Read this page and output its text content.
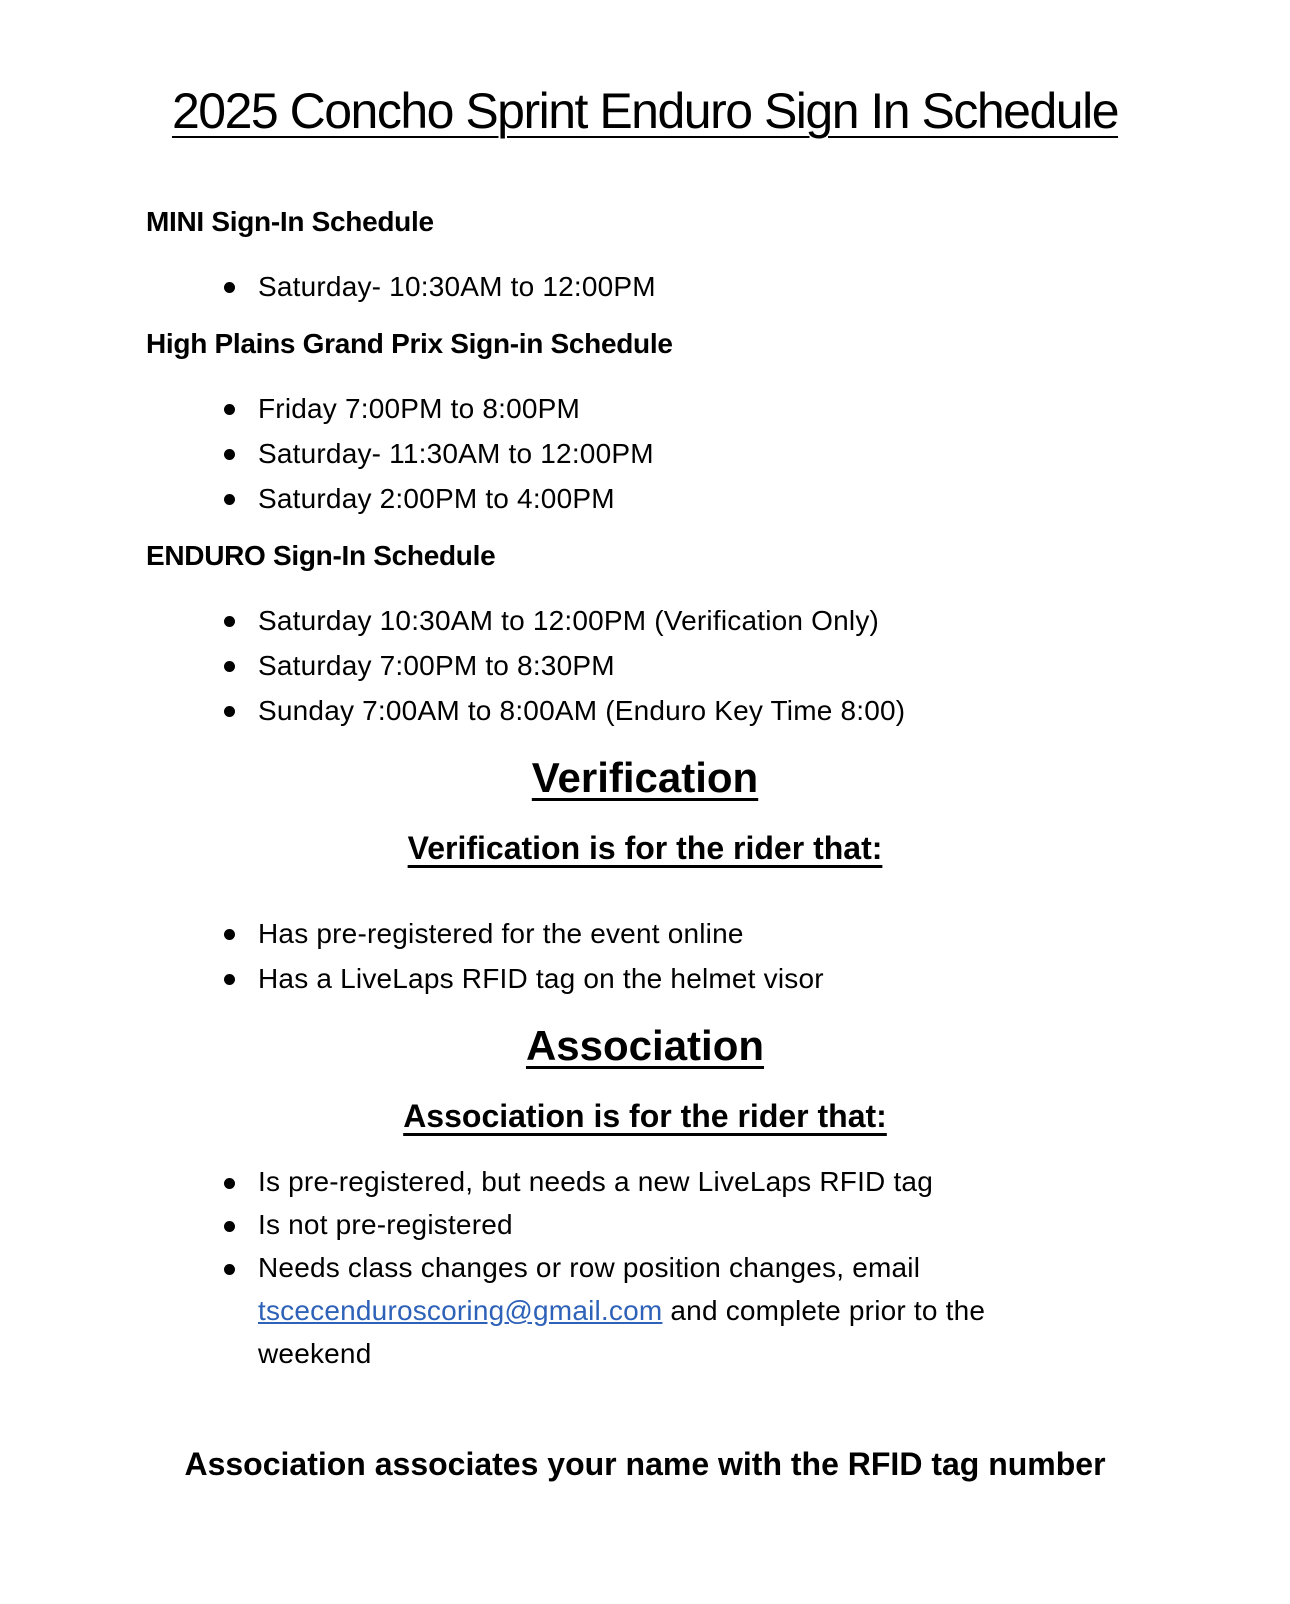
2025 Concho Sprint Enduro Sign In Schedule
MINI Sign-In Schedule
Saturday- 10:30AM to 12:00PM
High Plains Grand Prix Sign-in Schedule
Friday 7:00PM to 8:00PM
Saturday- 11:30AM to 12:00PM
Saturday 2:00PM to 4:00PM
ENDURO Sign-In Schedule
Saturday 10:30AM to 12:00PM (Verification Only)
Saturday 7:00PM to 8:30PM
Sunday 7:00AM to 8:00AM (Enduro Key Time 8:00)
Verification
Verification is for the rider that:
Has pre-registered for the event online
Has a LiveLaps RFID tag on the helmet visor
Association
Association is for the rider that:
Is pre-registered, but needs a new LiveLaps RFID tag
Is not pre-registered
Needs class changes or row position changes, email tscecenduroscoring@gmail.com and complete prior to the weekend
Association associates your name with the RFID tag number
